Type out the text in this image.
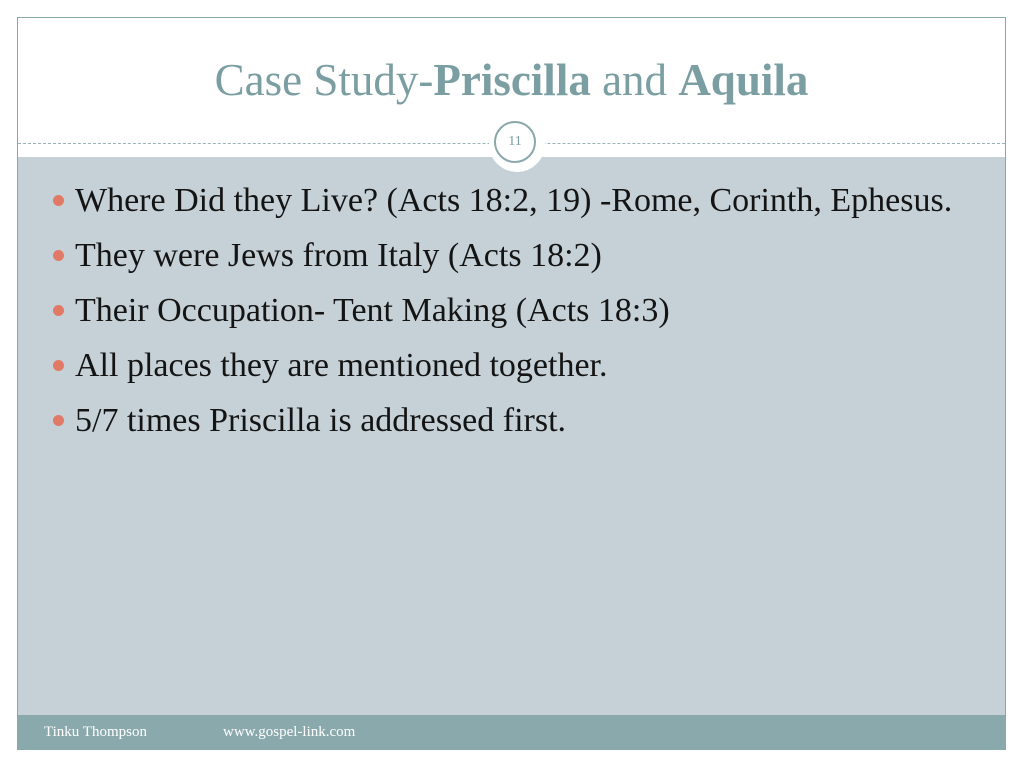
Case Study-Priscilla and Aquila
11
Where Did they Live? (Acts 18:2, 19) -Rome, Corinth, Ephesus.
They were Jews from Italy (Acts 18:2)
Their Occupation- Tent Making (Acts 18:3)
All places they are mentioned together.
5/7 times Priscilla is addressed first.
Tinku Thompson	www.gospel-link.com
